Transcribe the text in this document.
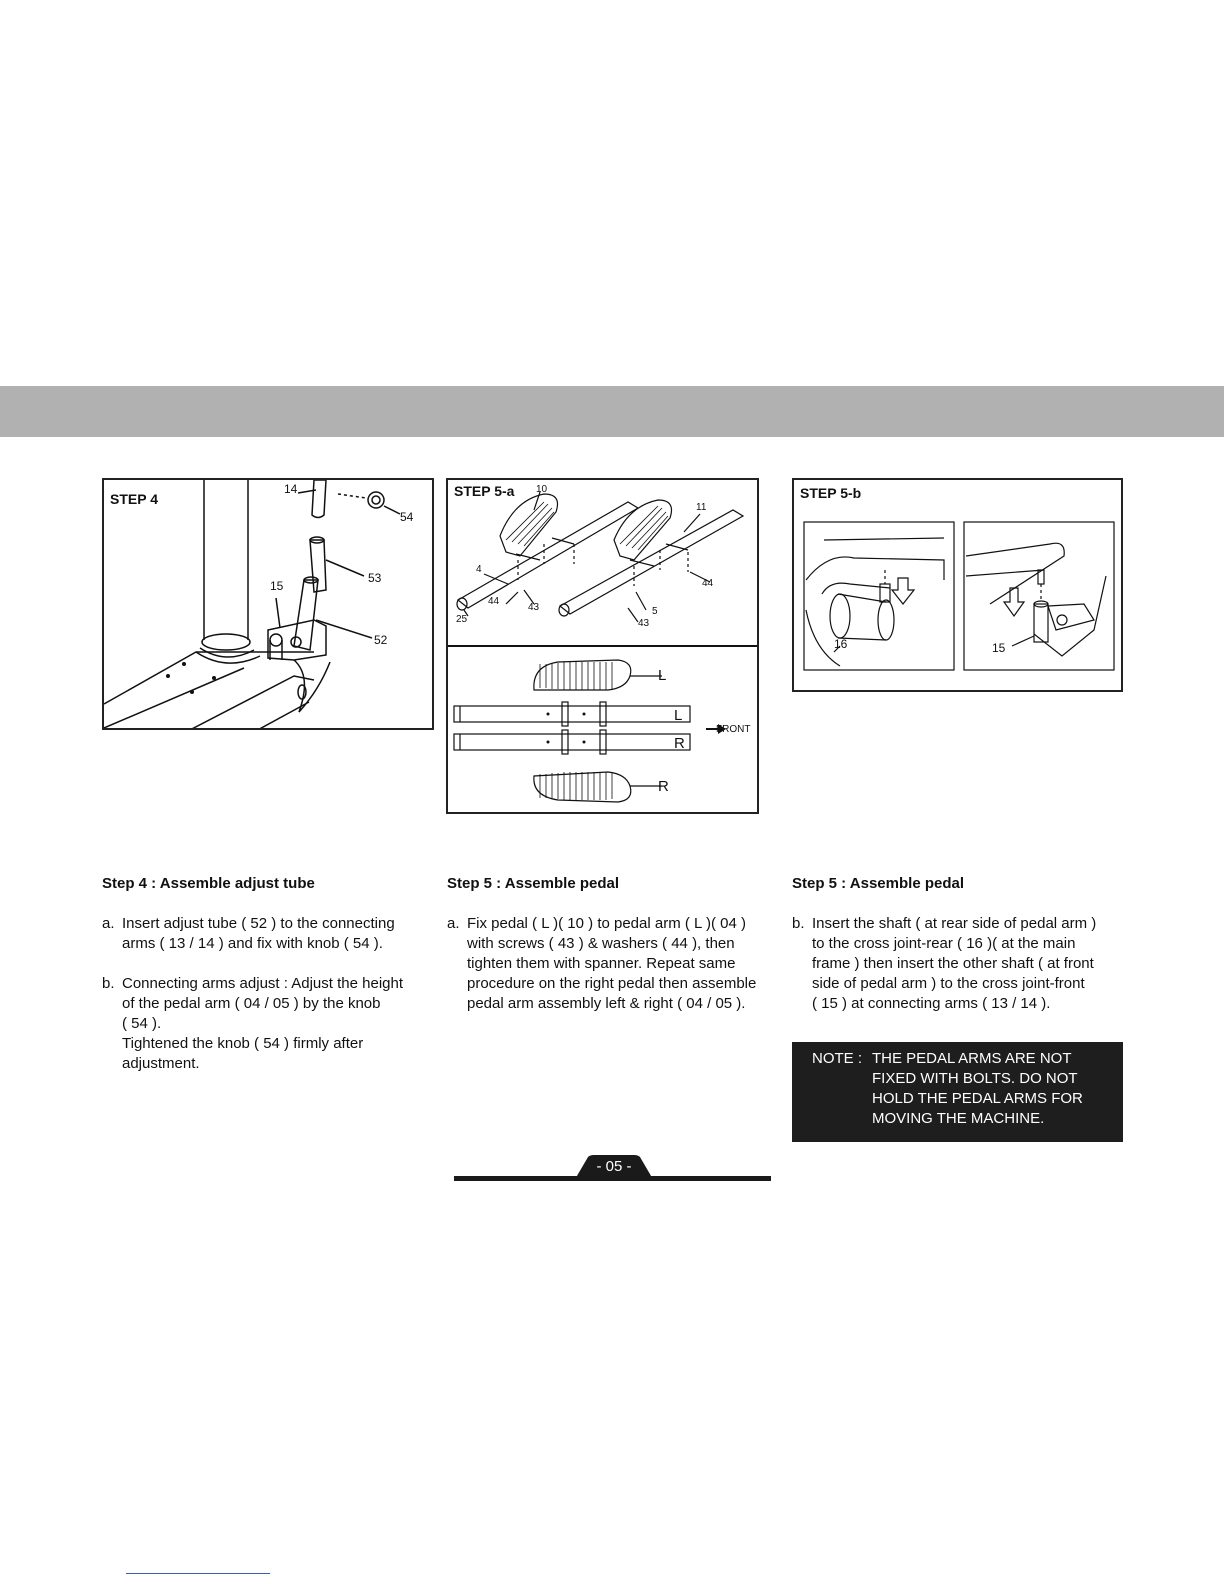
STEP 4
14
54
53
15
52
STEP 5-a 10
11
4
44
43
25
5
43
44
L
R
L
R
FRONT
STEP 5-b
16	15
Step 4 : Assemble adjust tube
a. Insert adjust tube ( 52 ) to the connecting
arms ( 13 / 14 ) and fix with knob ( 54 ).

b. Connecting arms adjust : Adjust the height
of the pedal arm ( 04 / 05 ) by the knob
( 54 ).

Tightened the knob ( 54 ) firmly after
adjustment.

Step 5 : Assemble pedal
a. Fix pedal ( L )( 10 ) to pedal arm ( L )( 04 )
with screws ( 43 ) & washers ( 44 ), then
tighten them with spanner. Repeat same
procedure on the right pedal then assemble
pedal arm assembly left & right ( 04 / 05 ).

Step 5 : Assemble pedal
b. Insert the shaft ( at rear side of pedal arm )
to the cross joint-rear ( 16 )( at the main
frame ) then insert the other shaft ( at front
side of pedal arm ) to the cross joint-front
( 15 ) at connecting arms ( 13 / 14 ).

NOTE : THE PEDAL ARMS ARE NOT
FIXED WITH BOLTS. DO NOT
HOLD THE PEDAL ARMS FOR
MOVING THE MACHINE.
- 05 -
